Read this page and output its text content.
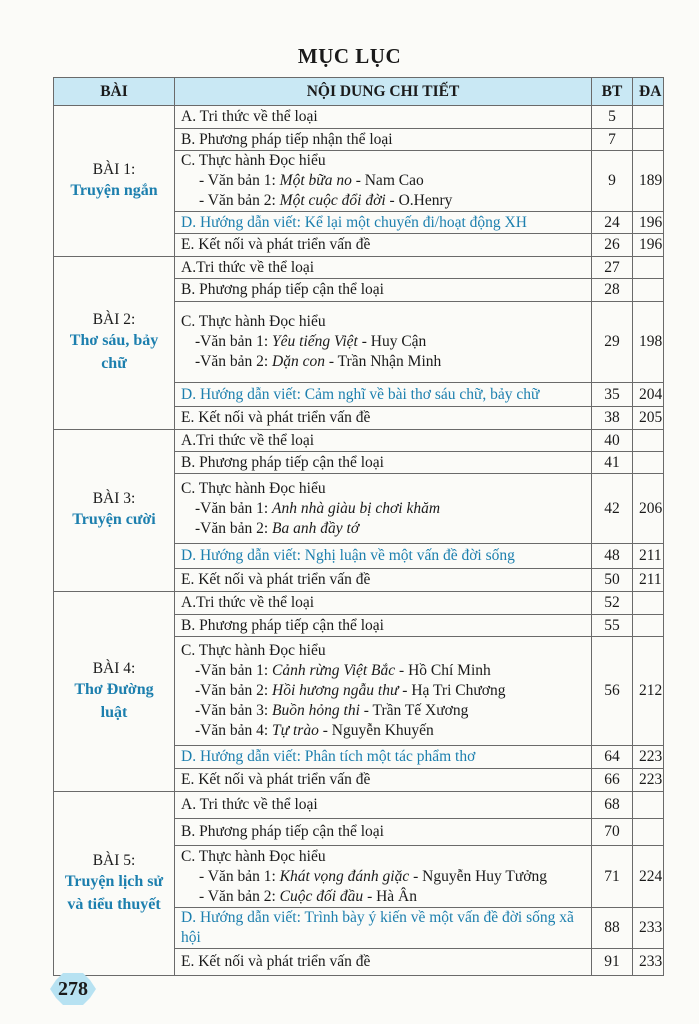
MỤC LỤC
BÀI	NỘI DUNG CHI TIẾT	BT	ĐA

BÀI 1:
Truyện ngắn	A. Tri thức về thể loại	5	
	B. Phương pháp tiếp nhận thể loại	7	

	C. Thực hành Đọc hiểu
- Văn bản 1: Một bữa no - Nam Cao
- Văn bản 2: Một cuộc đổi đời - O.Henry	9	189
	D. Hướng dẫn viết: Kể lại một chuyến đi/hoạt động XH	24	196
	E. Kết nối và phát triển vấn đề	26	196

BÀI 2:
Thơ sáu, bảy chữ	A.Tri thức về thể loại	27	
	B. Phương pháp tiếp cận thể loại	28	

	C. Thực hành Đọc hiểu
-Văn bản 1: Yêu tiếng Việt - Huy Cận
-Văn bản 2: Dặn con - Trần Nhận Minh	29	198
	D. Hướng dẫn viết: Cảm nghĩ về bài thơ sáu chữ, bảy chữ	35	204
	E. Kết nối và phát triển vấn đề	38	205

BÀI 3:
Truyện cười	A.Tri thức về thể loại	40	
	B. Phương pháp tiếp cận thể loại	41	

	C. Thực hành Đọc hiểu
-Văn bản 1: Anh nhà giàu bị chơi khăm
-Văn bản 2: Ba anh đầy tớ	42	206
	D. Hướng dẫn viết: Nghị luận về một vấn đề đời sống	48	211
	E. Kết nối và phát triển vấn đề	50	211

BÀI 4:
Thơ Đường luật	A.Tri thức về thể loại	52	
	B. Phương pháp tiếp cận thể loại	55	

	C. Thực hành Đọc hiểu
-Văn bản 1: Cảnh rừng Việt Bắc - Hồ Chí Minh
-Văn bản 2: Hồi hương ngẫu thư - Hạ Tri Chương
-Văn bản 3: Buồn hỏng thi - Trần Tế Xương
-Văn bản 4: Tự trào - Nguyễn Khuyến	56	212
	D. Hướng dẫn viết: Phân tích một tác phẩm thơ	64	223
	E. Kết nối và phát triển vấn đề	66	223

BÀI 5:
Truyện lịch sử và tiểu thuyết	A. Tri thức về thể loại	68	
	B. Phương pháp tiếp cận thể loại	70	

	C. Thực hành Đọc hiểu
- Văn bản 1: Khát vọng đánh giặc - Nguyễn Huy Tưởng
- Văn bản 2: Cuộc đối đầu - Hà Ân	71	224
	D. Hướng dẫn viết: Trình bày ý kiến về một vấn đề đời sống xã hội	88	233
	E. Kết nối và phát triển vấn đề	91	233
278
